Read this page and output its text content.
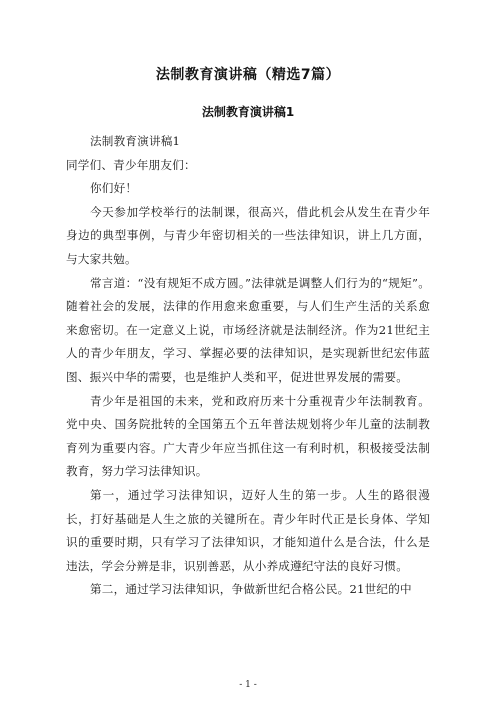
法制教育演讲稿（精选7篇）
法制教育演讲稿1

法制教育演讲稿1

同学们、青少年朋友们：

你们好！

今天参加学校举行的法制课，很高兴，借此机会从发生在青少年身边的典型事例，与青少年密切相关的一些法律知识，讲上几方面，与大家共勉。

常言道：“没有规矩不成方圆。”法律就是调整人们行为的“规矩”。随着社会的发展，法律的作用愈来愈重要，与人们生产生活的关系愈来愈密切。在一定意义上说，市场经济就是法制经济。作为21世纪主人的青少年朋友，学习、掌握必要的法律知识，是实现新世纪宏伟蓝图、振兴中华的需要，也是维护人类和平，促进世界发展的需要。

青少年是祖国的未来，党和政府历来十分重视青少年法制教育。党中央、国务院批转的全国第五个五年普法规划将少年儿童的法制教育列为重要内容。广大青少年应当抓住这一有利时机，积极接受法制教育，努力学习法律知识。

第一，通过学习法律知识，迈好人生的第一步。人生的路很漫长，打好基础是人生之旅的关键所在。青少年时代正是长身体、学知识的重要时期，只有学习了法律知识，才能知道什么是合法，什么是违法，学会分辨是非，识别善恶，从小养成遵纪守法的良好习惯。

第二，通过学习法律知识，争做新世纪合格公民。21世纪的中

- 1 -
